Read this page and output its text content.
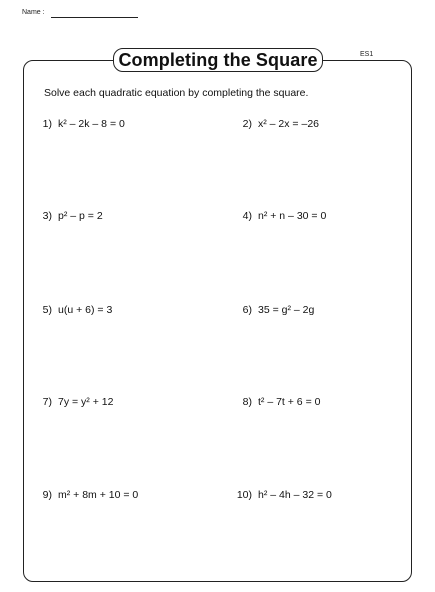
Name :
ES1
Completing the Square
Solve each quadratic equation by completing the square.
1) k² – 2k – 8 = 0	2) x² – 2x = –26
3) p² – p = 2	4) n² + n – 30 = 0
5) u(u + 6) = 3	6) 35 = g² – 2g
7) 7y = y² + 12	8) t² – 7t + 6 = 0
9) m² + 8m + 10 = 0	10) h² – 4h – 32 = 0
